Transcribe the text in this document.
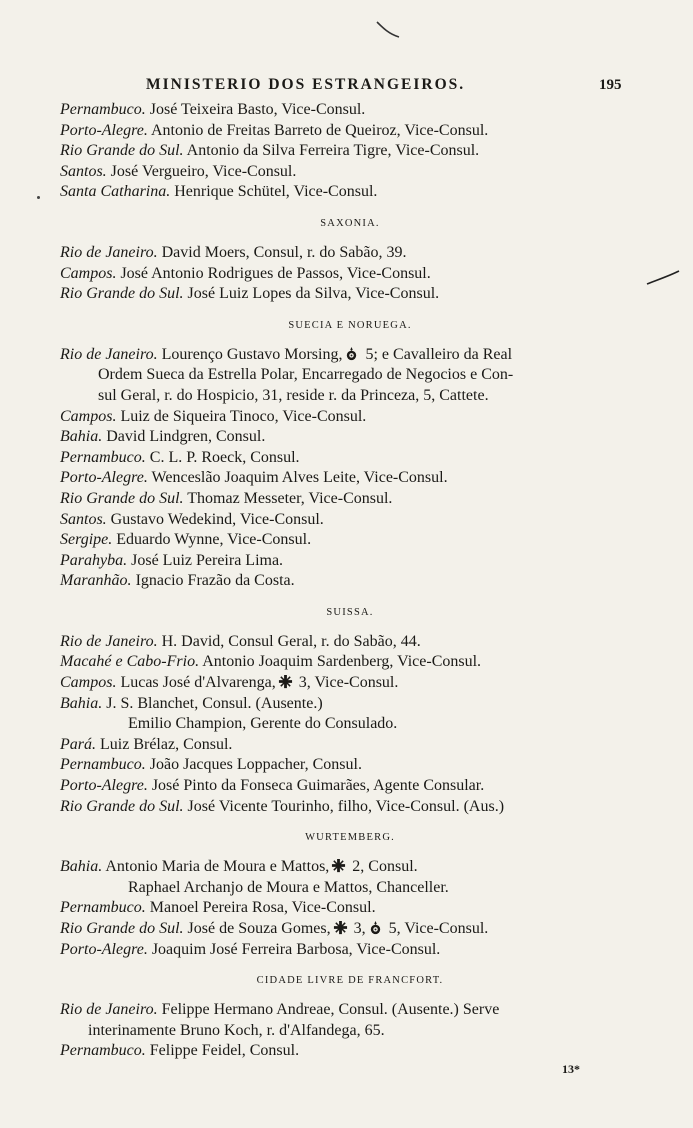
MINISTERIO DOS ESTRANGEIROS.	195
Pernambuco. José Teixeira Basto, Vice-Consul.
Porto-Alegre. Antonio de Freitas Barreto de Queiroz, Vice-Consul.
Rio Grande do Sul. Antonio da Silva Ferreira Tigre, Vice-Consul.
Santos. José Vergueiro, Vice-Consul.
Santa Catharina. Henrique Schütel, Vice-Consul.
SAXONIA.
Rio de Janeiro. David Moers, Consul, r. do Sabão, 39.
Campos. José Antonio Rodrigues de Passos, Vice-Consul.
Rio Grande do Sul. José Luiz Lopes da Silva, Vice-Consul.
SUECIA E NORUEGA.
Rio de Janeiro. Lourenço Gustavo Morsing, 5; e Cavalleiro da Real
Ordem Sueca da Estrella Polar, Encarregado de Negocios e Con-
sul Geral, r. do Hospicio, 31, reside r. da Princeza, 5, Cattete.
Campos. Luiz de Siqueira Tinoco, Vice-Consul.
Bahia. David Lindgren, Consul.
Pernambuco. C. L. P. Roeck, Consul.
Porto-Alegre. Wenceslão Joaquim Alves Leite, Vice-Consul.
Rio Grande do Sul. Thomaz Messeter, Vice-Consul.
Santos. Gustavo Wedekind, Vice-Consul.
Sergipe. Eduardo Wynne, Vice-Consul.
Parahyba. José Luiz Pereira Lima.
Maranhão. Ignacio Frazão da Costa.
SUISSA.
Rio de Janeiro. H. David, Consul Geral, r. do Sabão, 44.
Macahé e Cabo-Frio. Antonio Joaquim Sardenberg, Vice-Consul.
Campos. Lucas José d'Alvarenga, 3, Vice-Consul.
Bahia. J. S. Blanchet, Consul. (Ausente.)
Emilio Champion, Gerente do Consulado.
Pará. Luiz Brélaz, Consul.
Pernambuco. João Jacques Loppacher, Consul.
Porto-Alegre. José Pinto da Fonseca Guimarães, Agente Consular.
Rio Grande do Sul. José Vicente Tourinho, filho, Vice-Consul. (Aus.)
WURTEMBERG.
Bahia. Antonio Maria de Moura e Mattos, 2, Consul.
Raphael Archanjo de Moura e Mattos, Chanceller.
Pernambuco. Manoel Pereira Rosa, Vice-Consul.
Rio Grande do Sul. José de Souza Gomes, 3, 5, Vice-Consul.
Porto-Alegre. Joaquim José Ferreira Barbosa, Vice-Consul.
CIDADE LIVRE DE FRANCFORT.
Rio de Janeiro. Felippe Hermano Andreae, Consul. (Ausente.) Serve
interinamente Bruno Koch, r. d'Alfandega, 65.
Pernambuco. Felippe Feidel, Consul.
13*
